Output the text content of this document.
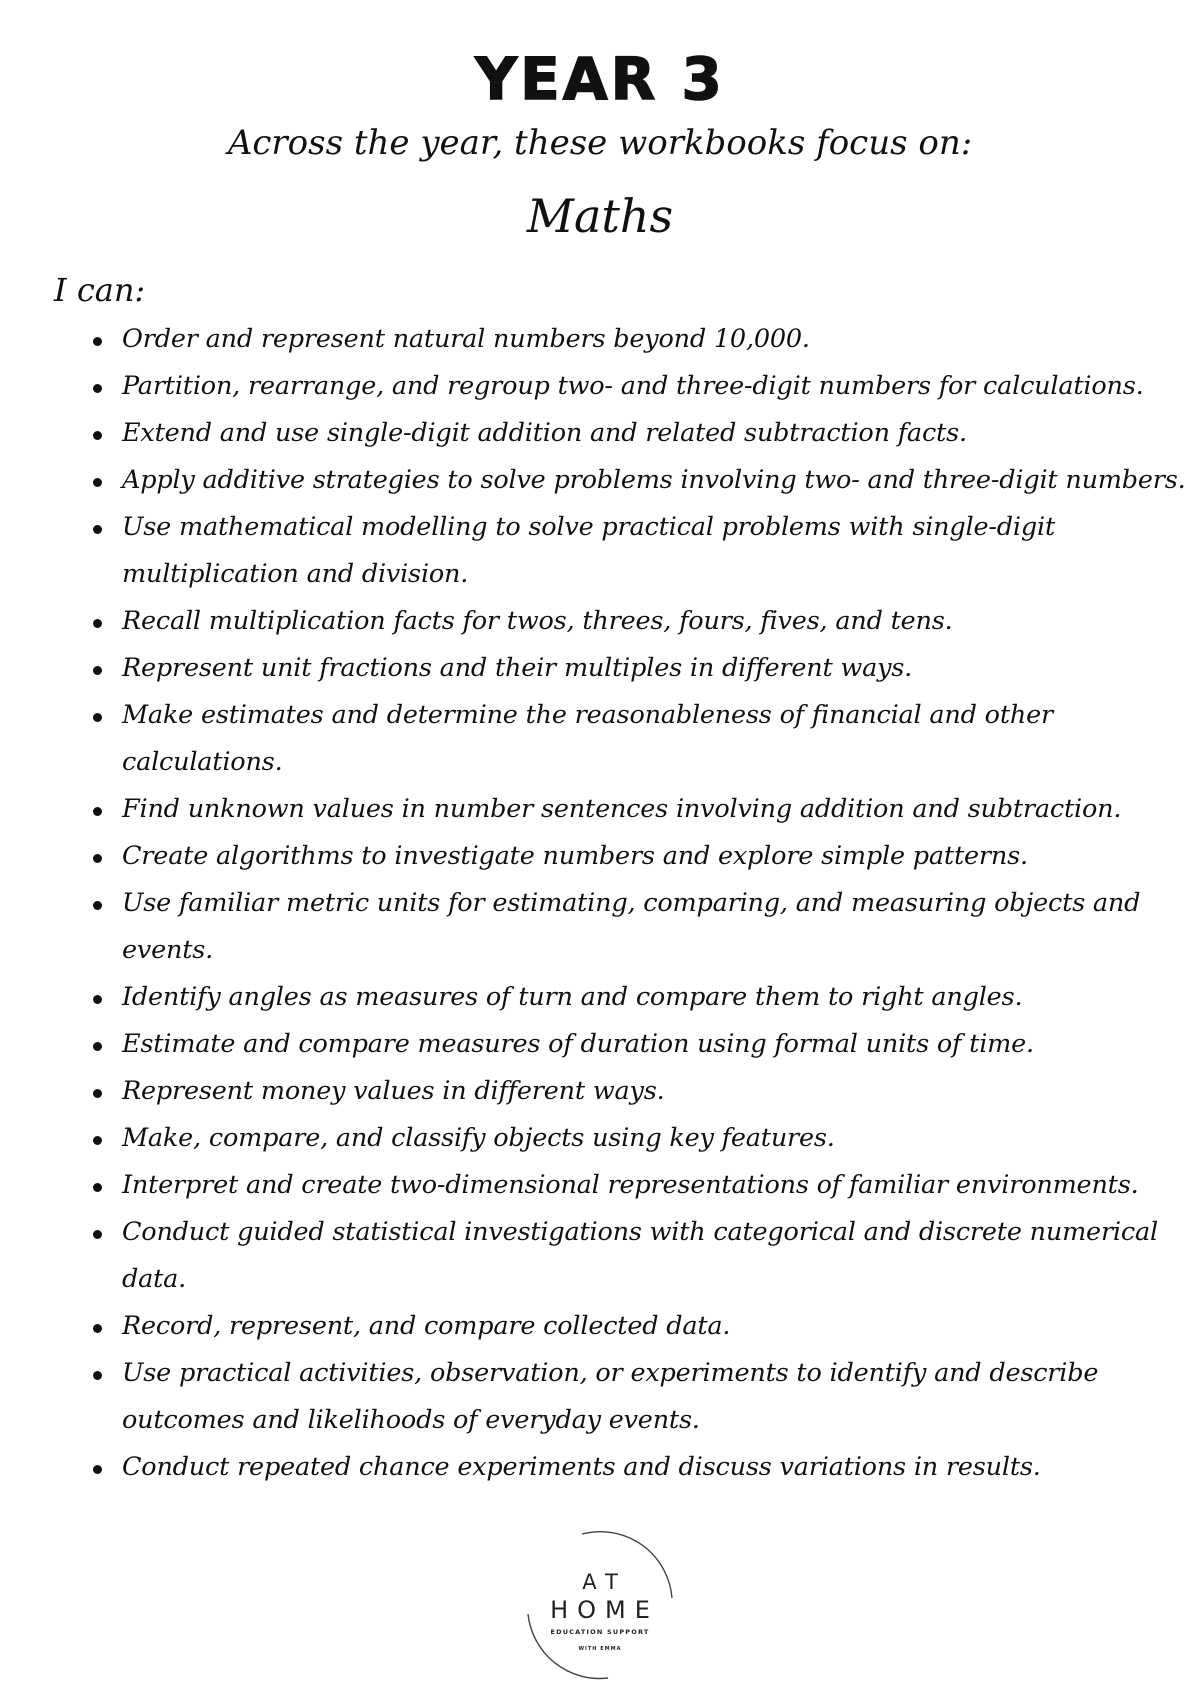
YEAR 3
Across the year, these workbooks focus on:
Maths
I can:
Order and represent natural numbers beyond 10,000.
Partition, rearrange, and regroup two- and three-digit numbers for calculations.
Extend and use single-digit addition and related subtraction facts.
Apply additive strategies to solve problems involving two- and three-digit numbers.
Use mathematical modelling to solve practical problems with single-digit multiplication and division.
Recall multiplication facts for twos, threes, fours, fives, and tens.
Represent unit fractions and their multiples in different ways.
Make estimates and determine the reasonableness of financial and other calculations.
Find unknown values in number sentences involving addition and subtraction.
Create algorithms to investigate numbers and explore simple patterns.
Use familiar metric units for estimating, comparing, and measuring objects and events.
Identify angles as measures of turn and compare them to right angles.
Estimate and compare measures of duration using formal units of time.
Represent money values in different ways.
Make, compare, and classify objects using key features.
Interpret and create two-dimensional representations of familiar environments.
Conduct guided statistical investigations with categorical and discrete numerical data.
Record, represent, and compare collected data.
Use practical activities, observation, or experiments to identify and describe outcomes and likelihoods of everyday events.
Conduct repeated chance experiments and discuss variations in results.
AT
HOME
EDUCATION SUPPORT
WITH EMMA
